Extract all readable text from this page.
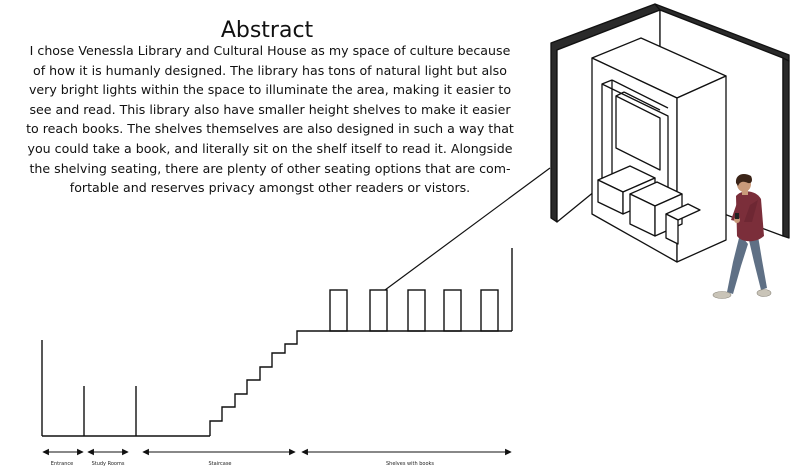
Abstract

I chose Venessla Library and Cultural House as my space of culture because
of how it is humanly designed. The library has tons of natural light but also
very bright lights within the space to illuminate the area, making it easier to
see and read. This library also have smaller height shelves to make it easier
to reach books. The shelves themselves are also designed in such a way that
you could take a book, and literally sit on the shelf itself to read it. Alongside
the shelving seating, there are plenty of other seating options that are com-
fortable and reserves privacy amongst other readers or vistors.

Entrance	Study Rooms	Staircase	Shelves with books
